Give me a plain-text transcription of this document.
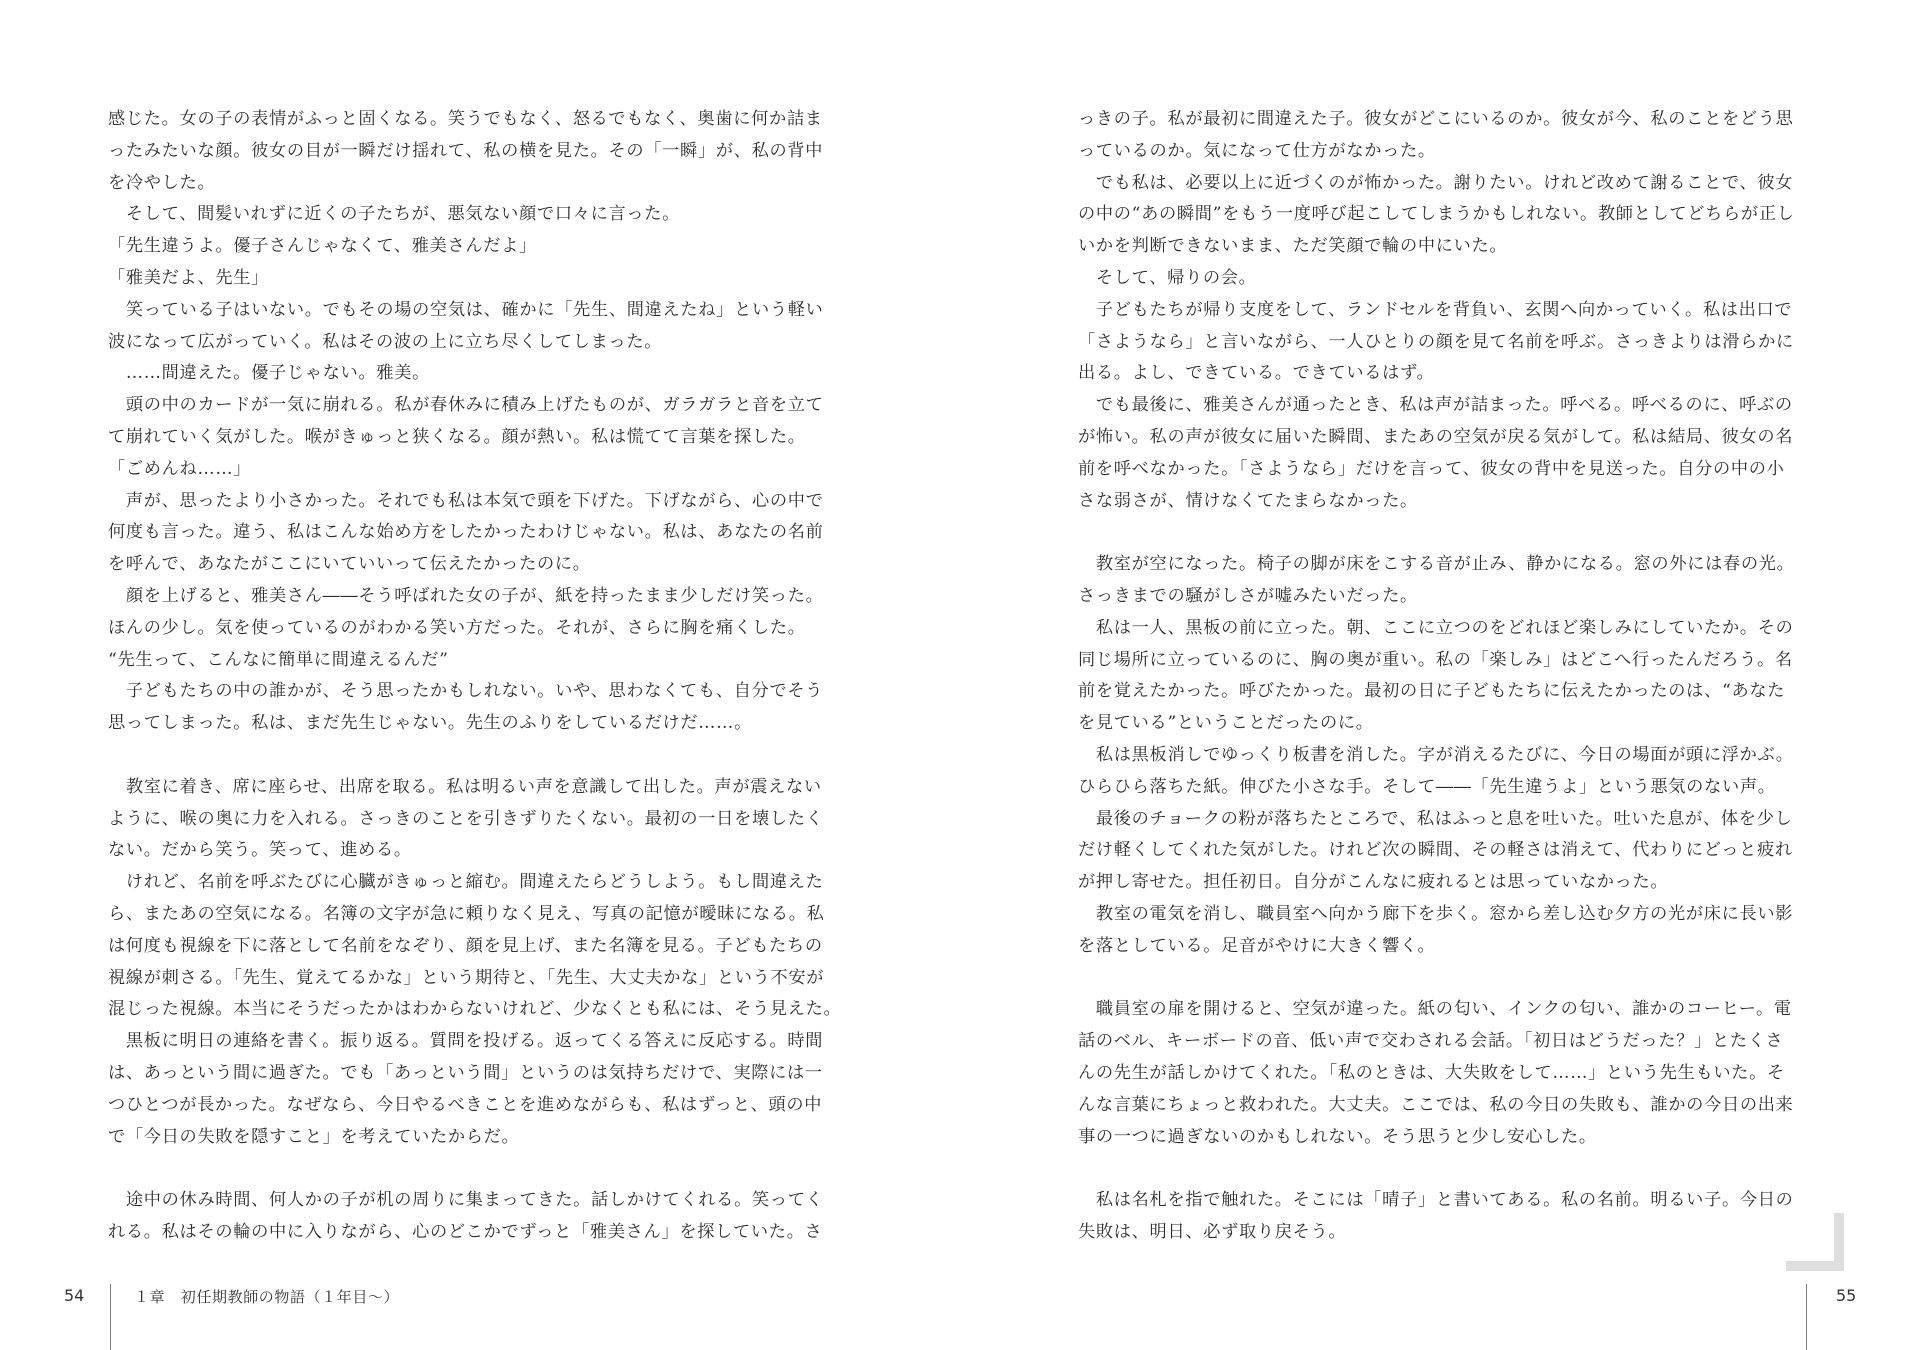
感じた。女の子の表情がふっと固くなる。笑うでもなく、怒るでもなく、奥歯に何か詰ま
ったみたいな顔。彼女の目が一瞬だけ揺れて、私の横を見た。その「一瞬」が、私の背中
を冷やした。
　そして、間髪いれずに近くの子たちが、悪気ない顔で口々に言った。
「先生違うよ。優子さんじゃなくて、雅美さんだよ」
「雅美だよ、先生」
　笑っている子はいない。でもその場の空気は、確かに「先生、間違えたね」という軽い
波になって広がっていく。私はその波の上に立ち尽くしてしまった。
　……間違えた。優子じゃない。雅美。
　頭の中のカードが一気に崩れる。私が春休みに積み上げたものが、ガラガラと音を立て
て崩れていく気がした。喉がきゅっと狭くなる。顔が熱い。私は慌てて言葉を探した。
「ごめんね……」
　声が、思ったより小さかった。それでも私は本気で頭を下げた。下げながら、心の中で
何度も言った。違う、私はこんな始め方をしたかったわけじゃない。私は、あなたの名前
を呼んで、あなたがここにいていいって伝えたかったのに。
　顔を上げると、雅美さん――そう呼ばれた女の子が、紙を持ったまま少しだけ笑った。
ほんの少し。気を使っているのがわかる笑い方だった。それが、さらに胸を痛くした。
“先生って、こんなに簡単に間違えるんだ”
　子どもたちの中の誰かが、そう思ったかもしれない。いや、思わなくても、自分でそう
思ってしまった。私は、まだ先生じゃない。先生のふりをしているだけだ……。
　教室に着き、席に座らせ、出席を取る。私は明るい声を意識して出した。声が震えない
ように、喉の奥に力を入れる。さっきのことを引きずりたくない。最初の一日を壊したく
ない。だから笑う。笑って、進める。
　けれど、名前を呼ぶたびに心臓がきゅっと縮む。間違えたらどうしよう。もし間違えた
ら、またあの空気になる。名簿の文字が急に頼りなく見え、写真の記憶が曖昧になる。私
は何度も視線を下に落として名前をなぞり、顔を見上げ、また名簿を見る。子どもたちの
視線が刺さる。「先生、覚えてるかな」という期待と、「先生、大丈夫かな」という不安が
混じった視線。本当にそうだったかはわからないけれど、少なくとも私には、そう見えた。
　黒板に明日の連絡を書く。振り返る。質問を投げる。返ってくる答えに反応する。時間
は、あっという間に過ぎた。でも「あっという間」というのは気持ちだけで、実際には一
つひとつが長かった。なぜなら、今日やるべきことを進めながらも、私はずっと、頭の中
で「今日の失敗を隠すこと」を考えていたからだ。
　途中の休み時間、何人かの子が机の周りに集まってきた。話しかけてくれる。笑ってく
れる。私はその輪の中に入りながら、心のどこかでずっと「雅美さん」を探していた。さ
54	１章　初任期教師の物語（１年目〜）
っきの子。私が最初に間違えた子。彼女がどこにいるのか。彼女が今、私のことをどう思
っているのか。気になって仕方がなかった。
　でも私は、必要以上に近づくのが怖かった。謝りたい。けれど改めて謝ることで、彼女
の中の“あの瞬間”をもう一度呼び起こしてしまうかもしれない。教師としてどちらが正し
いかを判断できないまま、ただ笑顔で輪の中にいた。
　そして、帰りの会。
　子どもたちが帰り支度をして、ランドセルを背負い、玄関へ向かっていく。私は出口で
「さようなら」と言いながら、一人ひとりの顔を見て名前を呼ぶ。さっきよりは滑らかに
出る。よし、できている。できているはず。
　でも最後に、雅美さんが通ったとき、私は声が詰まった。呼べる。呼べるのに、呼ぶの
が怖い。私の声が彼女に届いた瞬間、またあの空気が戻る気がして。私は結局、彼女の名
前を呼べなかった。「さようなら」だけを言って、彼女の背中を見送った。自分の中の小
さな弱さが、情けなくてたまらなかった。
　教室が空になった。椅子の脚が床をこする音が止み、静かになる。窓の外には春の光。
さっきまでの騒がしさが嘘みたいだった。
　私は一人、黒板の前に立った。朝、ここに立つのをどれほど楽しみにしていたか。その
同じ場所に立っているのに、胸の奥が重い。私の「楽しみ」はどこへ行ったんだろう。名
前を覚えたかった。呼びたかった。最初の日に子どもたちに伝えたかったのは、“あなた
を見ている”ということだったのに。
　私は黒板消しでゆっくり板書を消した。字が消えるたびに、今日の場面が頭に浮かぶ。
ひらひら落ちた紙。伸びた小さな手。そして――「先生違うよ」という悪気のない声。
　最後のチョークの粉が落ちたところで、私はふっと息を吐いた。吐いた息が、体を少し
だけ軽くしてくれた気がした。けれど次の瞬間、その軽さは消えて、代わりにどっと疲れ
が押し寄せた。担任初日。自分がこんなに疲れるとは思っていなかった。
　教室の電気を消し、職員室へ向かう廊下を歩く。窓から差し込む夕方の光が床に長い影
を落としている。足音がやけに大きく響く。
　職員室の扉を開けると、空気が違った。紙の匂い、インクの匂い、誰かのコーヒー。電
話のベル、キーボードの音、低い声で交わされる会話。「初日はどうだった？」とたくさ
んの先生が話しかけてくれた。「私のときは、大失敗をして……」という先生もいた。そ
んな言葉にちょっと救われた。大丈夫。ここでは、私の今日の失敗も、誰かの今日の出来
事の一つに過ぎないのかもしれない。そう思うと少し安心した。
　私は名札を指で触れた。そこには「晴子」と書いてある。私の名前。明るい子。今日の
失敗は、明日、必ず取り戻そう。
55
